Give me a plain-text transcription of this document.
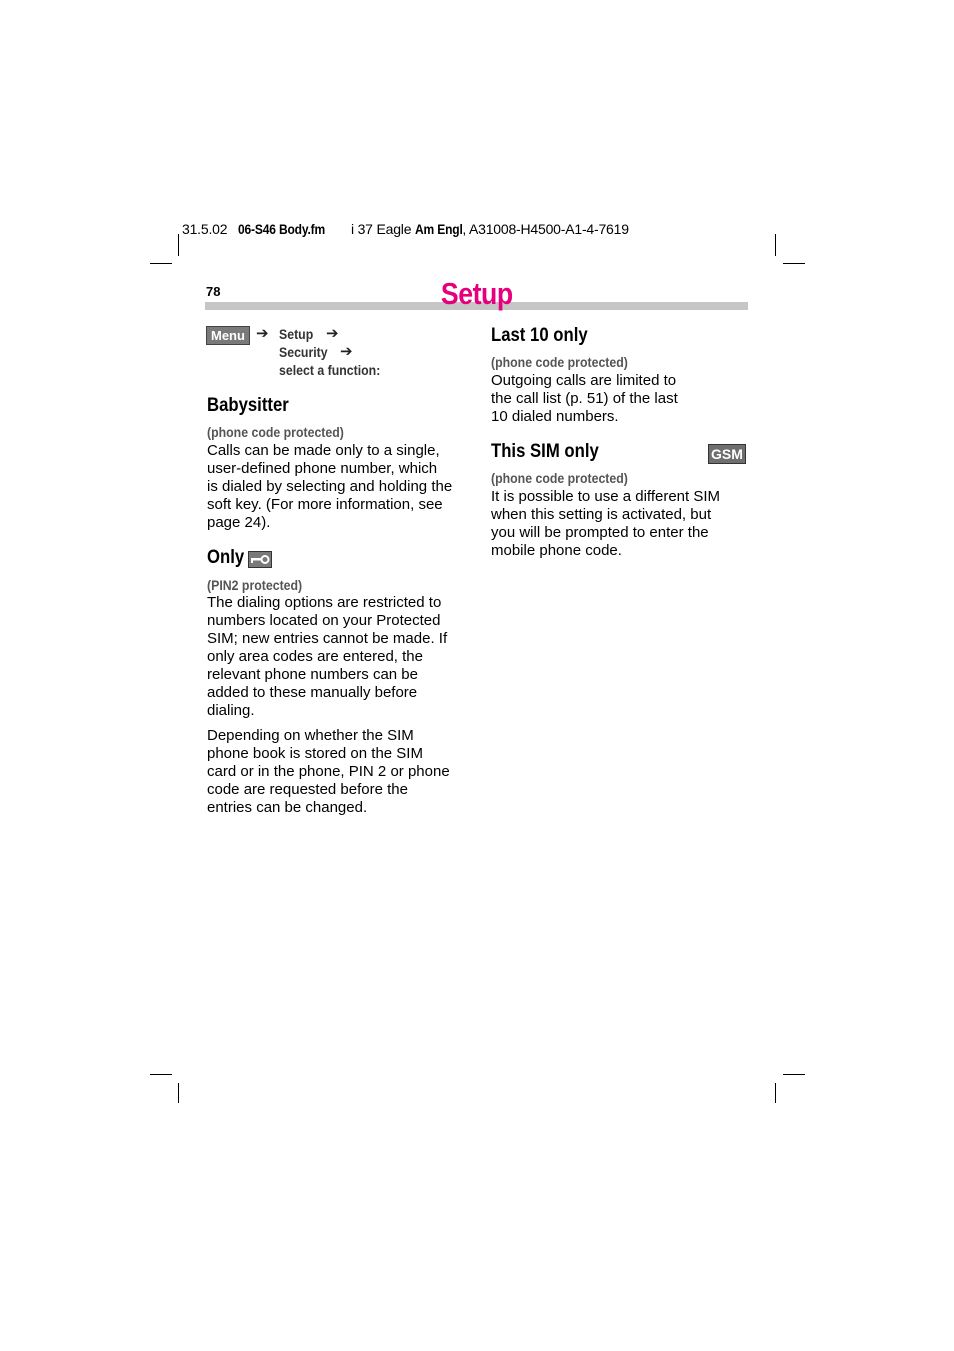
31.5.02 06-S46 Body.fm i 37 Eagle Am Engl, A31008-H4500-A1-4-7619
78	Setup
Menu ➔ Setup ➔
Security ➔
select a function:
Babysitter
(phone code protected)
Calls can be made only to a single,
user-defined phone number, which
is dialed by selecting and holding the
soft key. (For more information, see
page 24).
Only
(PIN2 protected)
The dialing options are restricted to
numbers located on your Protected
SIM; new entries cannot be made. If
only area codes are entered, the
relevant phone numbers can be
added to these manually before
dialing.
Depending on whether the SIM
phone book is stored on the SIM
card or in the phone, PIN 2 or phone
code are requested before the
entries can be changed.
Last 10 only
(phone code protected)
Outgoing calls are limited to
the call list (p. 51) of the last
10 dialed numbers.
This SIM only	GSM
(phone code protected)
It is possible to use a different SIM
when this setting is activated, but
you will be prompted to enter the
mobile phone code.
